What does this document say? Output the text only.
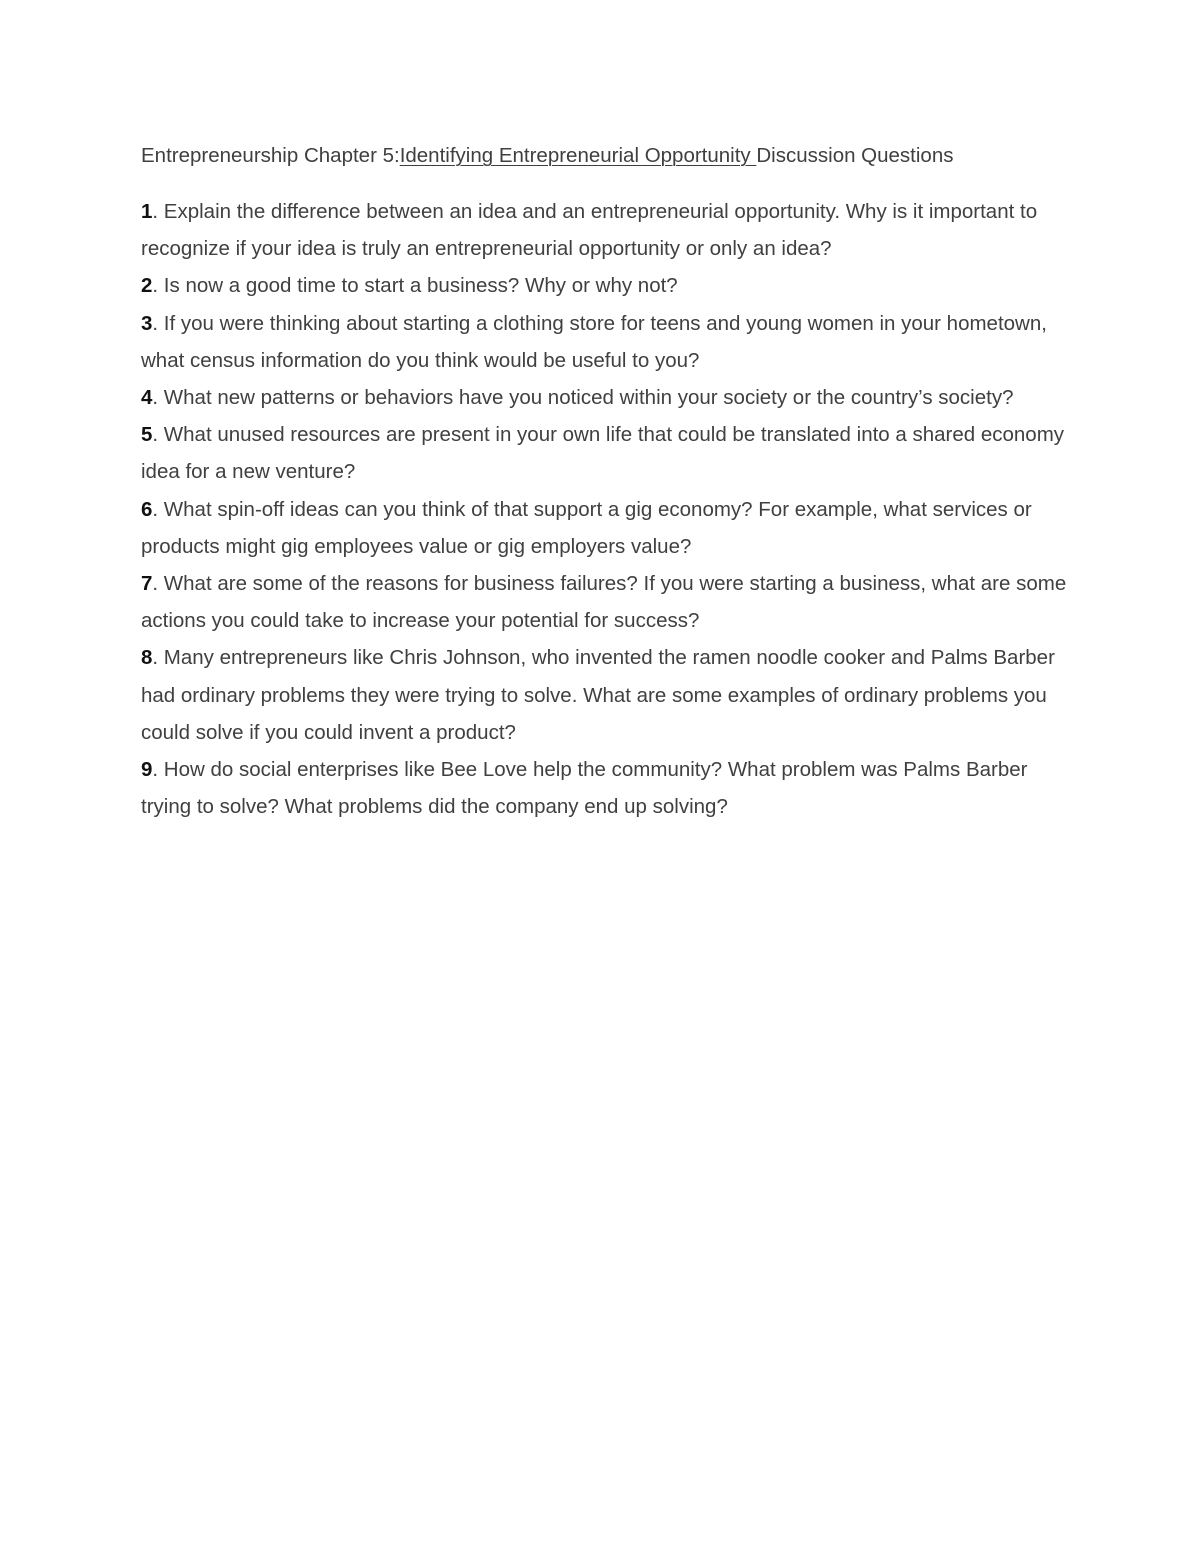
Entrepreneurship Chapter 5:Identifying Entrepreneurial Opportunity Discussion Questions

1. Explain the difference between an idea and an entrepreneurial opportunity. Why is it important to recognize if your idea is truly an entrepreneurial opportunity or only an idea?
2. Is now a good time to start a business? Why or why not?
3. If you were thinking about starting a clothing store for teens and young women in your hometown, what census information do you think would be useful to you?
4. What new patterns or behaviors have you noticed within your society or the country’s society?
5. What unused resources are present in your own life that could be translated into a shared economy idea for a new venture?
6. What spin-off ideas can you think of that support a gig economy? For example, what services or products might gig employees value or gig employers value?
7. What are some of the reasons for business failures? If you were starting a business, what are some actions you could take to increase your potential for success?
8. Many entrepreneurs like Chris Johnson, who invented the ramen noodle cooker and Palms Barber had ordinary problems they were trying to solve. What are some examples of ordinary problems you could solve if you could invent a product?
9. How do social enterprises like Bee Love help the community? What problem was Palms Barber trying to solve? What problems did the company end up solving?
